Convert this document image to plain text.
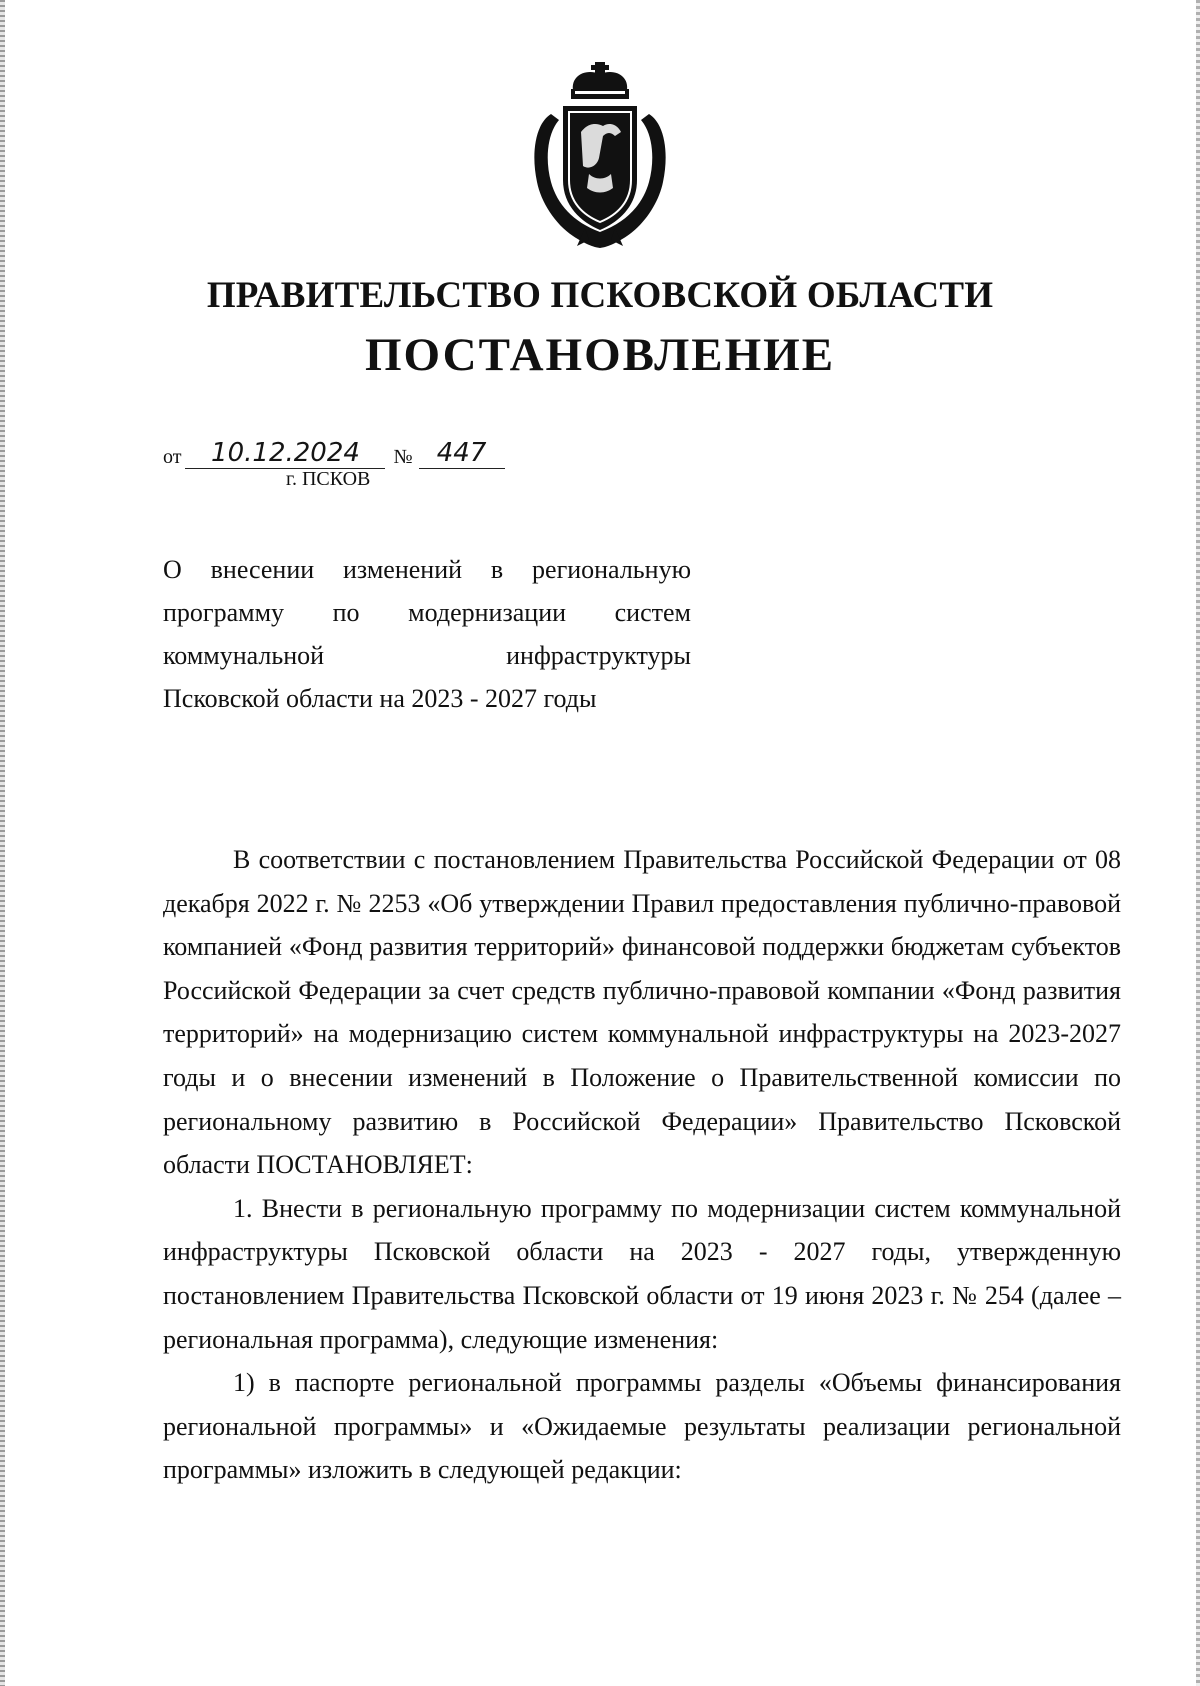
ПРАВИТЕЛЬСТВО ПСКОВСКОЙ ОБЛАСТИ
ПОСТАНОВЛЕНИЕ
от 10.12.2024 № 447
г. ПСКОВ
О внесении изменений в региональную
программу по модернизации систем
коммунальной инфраструктуры
Псковской области на 2023 - 2027 годы

В соответствии с постановлением Правительства Российской Федерации от 08 декабря 2022 г. № 2253 «Об утверждении Правил предоставления публично-правовой компанией «Фонд развития территорий» финансовой поддержки бюджетам субъектов Российской Федерации за счет средств публично-правовой компании «Фонд развития территорий» на модернизацию систем коммунальной инфраструктуры на 2023-2027 годы и о внесении изменений в Положение о Правительственной комиссии по региональному развитию в Российской Федерации» Правительство Псковской области ПОСТАНОВЛЯЕТ:

1. Внести в региональную программу по модернизации систем коммунальной инфраструктуры Псковской области на 2023 - 2027 годы, утвержденную постановлением Правительства Псковской области от 19 июня 2023 г. № 254 (далее – региональная программа), следующие изменения:

1) в паспорте региональной программы разделы «Объемы финансирования региональной программы» и «Ожидаемые результаты реализации региональной программы» изложить в следующей редакции:
